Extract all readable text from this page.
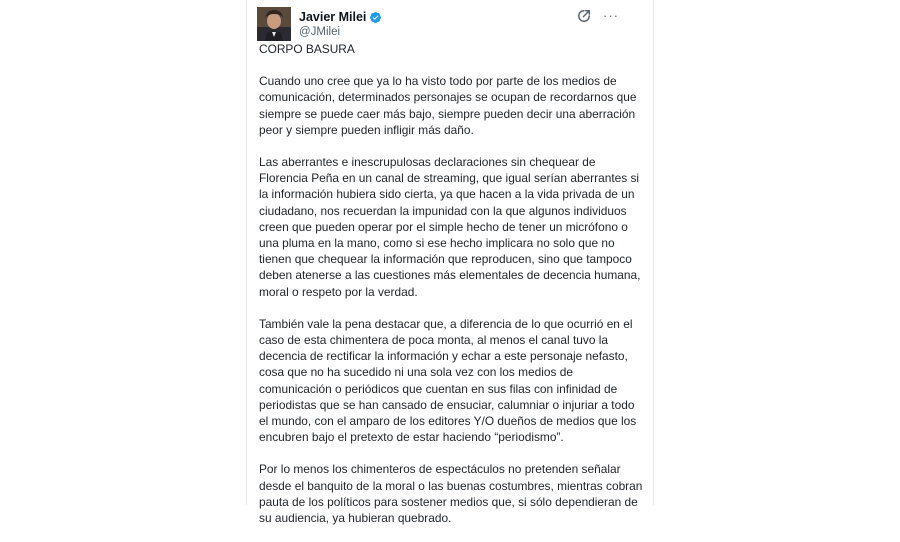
Javier Milei
@JMilei
···

CORPO BASURA

Cuando uno cree que ya lo ha visto todo por parte de los medios de comunicación, determinados personajes se ocupan de recordarnos que siempre se puede caer más bajo, siempre pueden decir una aberración peor y siempre pueden infligir más daño.

Las aberrantes e inescrupulosas declaraciones sin chequear de Florencia Peña en un canal de streaming, que igual serían aberrantes si la información hubiera sido cierta, ya que hacen a la vida privada de un ciudadano, nos recuerdan la impunidad con la que algunos individuos creen que pueden operar por el simple hecho de tener un micrófono o una pluma en la mano, como si ese hecho implicara no solo que no tienen que chequear la información que reproducen, sino que tampoco deben atenerse a las cuestiones más elementales de decencia humana, moral o respeto por la verdad.

También vale la pena destacar que, a diferencia de lo que ocurrió en el caso de esta chimentera de poca monta, al menos el canal tuvo la decencia de rectificar la información y echar a este personaje nefasto, cosa que no ha sucedido ni una sola vez con los medios de comunicación o periódicos que cuentan en sus filas con infinidad de periodistas que se han cansado de ensuciar, calumniar o injuriar a todo el mundo, con el amparo de los editores Y/O dueños de medios que los encubren bajo el pretexto de estar haciendo “periodismo”.

Por lo menos los chimenteros de espectáculos no pretenden señalar desde el banquito de la moral o las buenas costumbres, mientras cobran pauta de los políticos para sostener medios que, si sólo dependieran de su audiencia, ya hubieran quebrado.
